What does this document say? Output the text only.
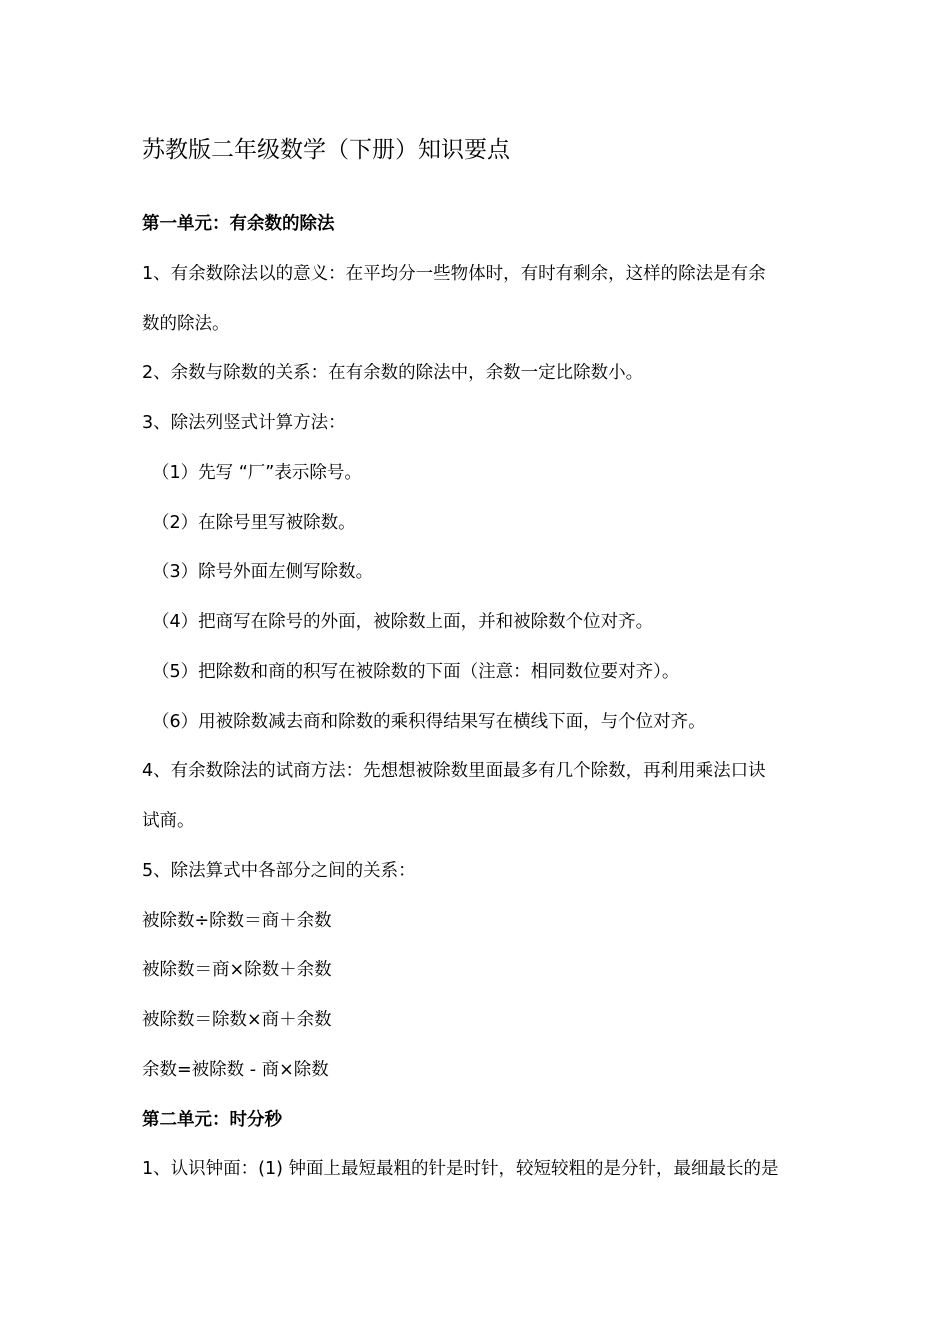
苏教版二年级数学（下册）知识要点

第一单元：有余数的除法

1、有余数除法以的意义：在平均分一些物体时，有时有剩余，这样的除法是有余

数的除法。

2、余数与除数的关系：在有余数的除法中，余数一定比除数小。

3、除法列竖式计算方法：

（1）先写 “厂”表示除号。

（2）在除号里写被除数。

（3）除号外面左侧写除数。

（4）把商写在除号的外面，被除数上面，并和被除数个位对齐。

（5）把除数和商的积写在被除数的下面（注意：相同数位要对齐）。

（6）用被除数减去商和除数的乘积得结果写在横线下面，与个位对齐。

4、有余数除法的试商方法：先想想被除数里面最多有几个除数，再利用乘法口诀

试商。

5、除法算式中各部分之间的关系：

被除数÷除数＝商＋余数

被除数＝商×除数＋余数

被除数＝除数×商＋余数

余数=被除数 - 商×除数

第二单元：时分秒

1、认识钟面：(1) 钟面上最短最粗的针是时针，较短较粗的是分针，最细最长的是
